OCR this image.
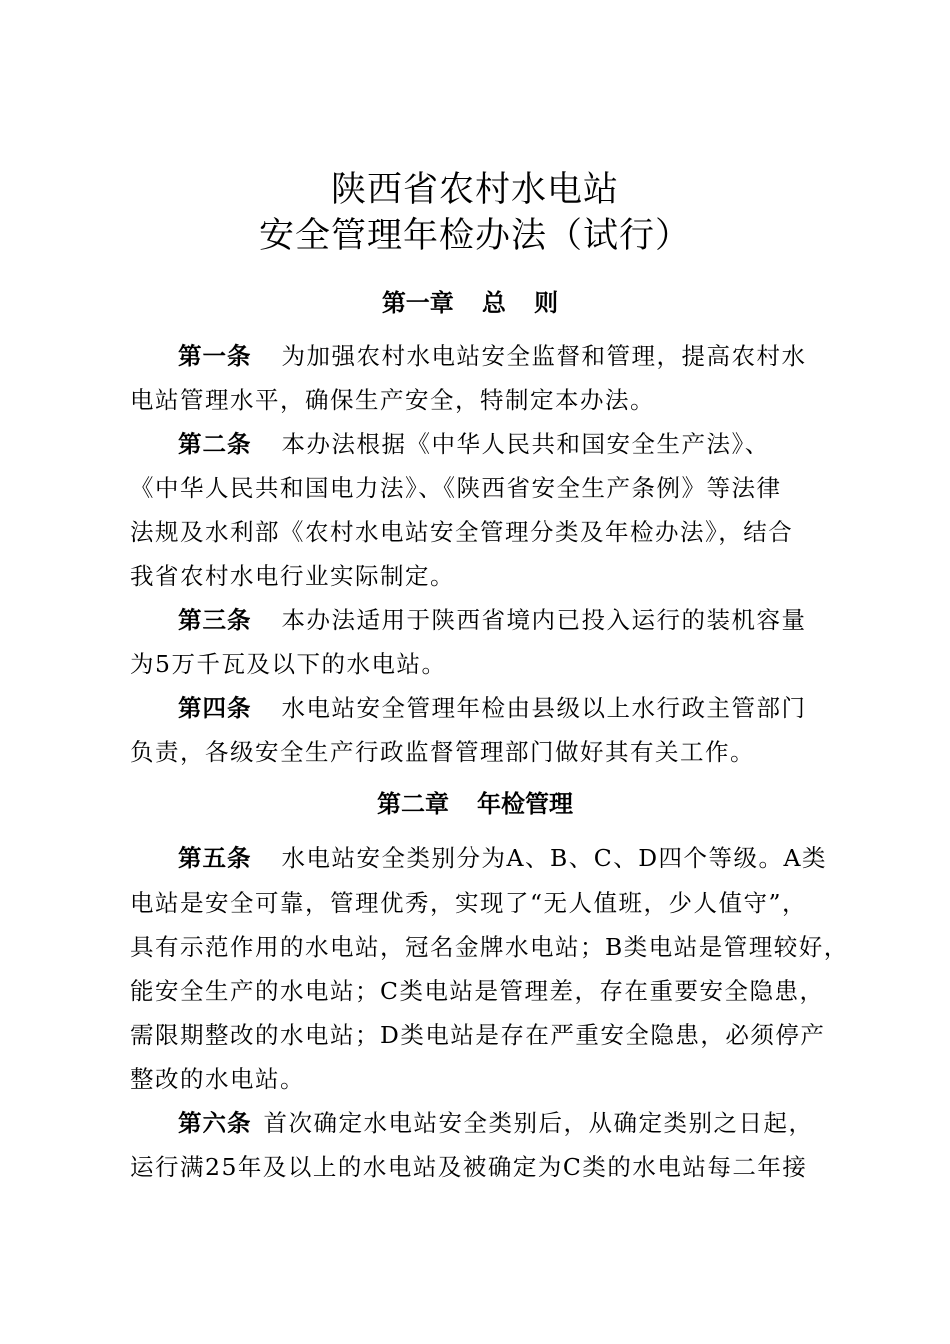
陕西省农村水电站
安全管理年检办法（试行）
第一章 总 则
第一条 为加强农村水电站安全监督和管理，提高农村水
电站管理水平，确保生产安全，特制定本办法。
第二条 本办法根据《中华人民共和国安全生产法》、
《中华人民共和国电力法》、《陕西省安全生产条例》等法律
法规及水利部《农村水电站安全管理分类及年检办法》，结合
我省农村水电行业实际制定。
第三条 本办法适用于陕西省境内已投入运行的装机容量
为5万千瓦及以下的水电站。
第四条 水电站安全管理年检由县级以上水行政主管部门
负责，各级安全生产行政监督管理部门做好其有关工作。
第二章 年检管理
第五条 水电站安全类别分为A、B、C、D四个等级。A类
电站是安全可靠，管理优秀，实现了“无人值班，少人值守”，
具有示范作用的水电站，冠名金牌水电站；B类电站是管理较好，
能安全生产的水电站；C类电站是管理差，存在重要安全隐患，
需限期整改的水电站；D类电站是存在严重安全隐患，必须停产
整改的水电站。
第六条 首次确定水电站安全类别后，从确定类别之日起，
运行满25年及以上的水电站及被确定为C类的水电站每二年接
